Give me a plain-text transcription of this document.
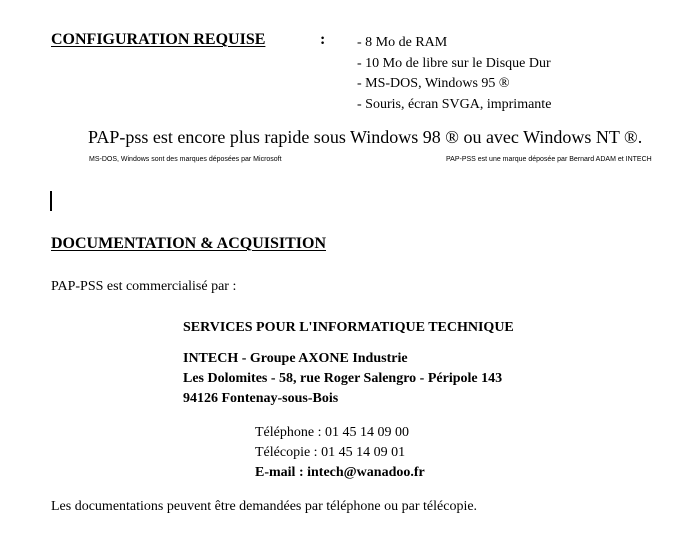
CONFIGURATION REQUISE	: - 8 Mo de RAM
- 10 Mo de libre sur le Disque Dur
- MS-DOS, Windows 95 ®
- Souris, écran SVGA, imprimante
PAP-pss est encore plus rapide sous Windows 98 ® ou avec Windows NT ®.
MS-DOS, Windows sont des marques déposées par Microsoft	PAP-PSS est une marque déposée par Bernard ADAM et INTECH
DOCUMENTATION & ACQUISITION
PAP-PSS est commercialisé par :
SERVICES POUR L'INFORMATIQUE TECHNIQUE
INTECH - Groupe AXONE Industrie
Les Dolomites - 58, rue Roger Salengro - Péripole 143
94126 Fontenay-sous-Bois
Téléphone : 01 45 14 09 00
Télécopie : 01 45 14 09 01
E-mail : intech@wanadoo.fr
Les documentations peuvent être demandées par téléphone ou par télécopie.
